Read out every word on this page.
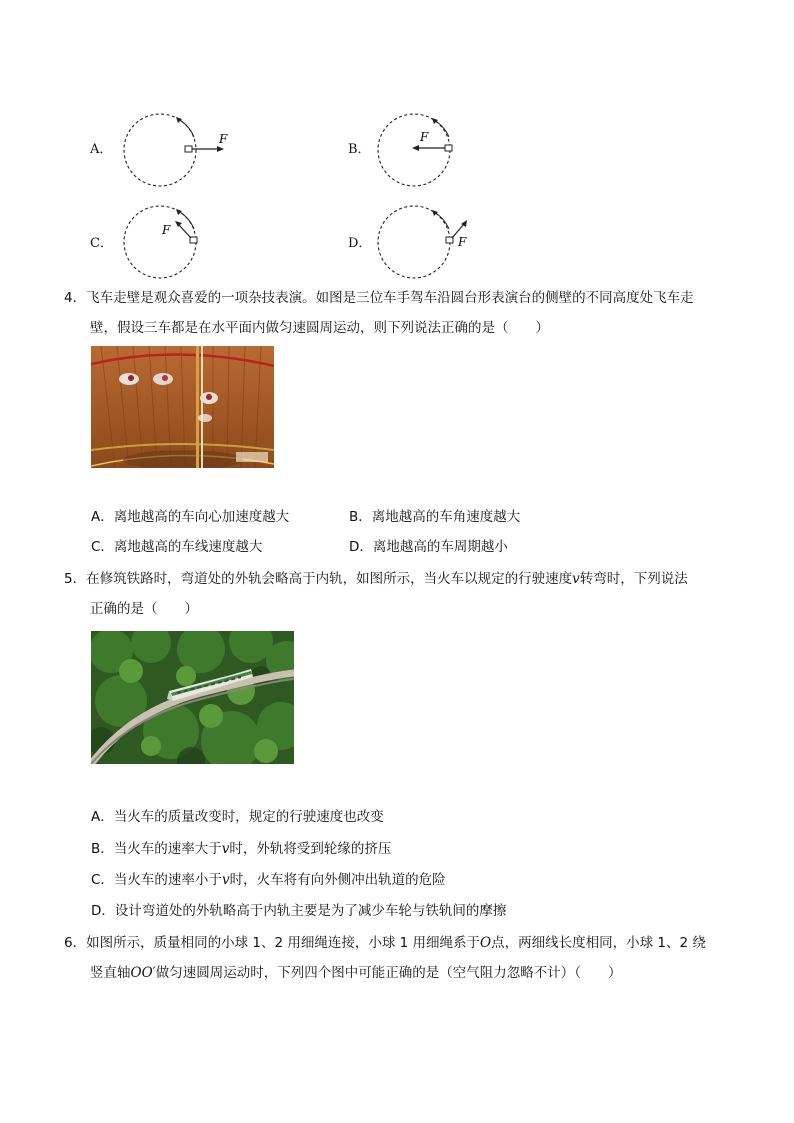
A．
F
B．
F
C．
F
D．	F
4．飞车走壁是观众喜爱的一项杂技表演。如图是三位车手驾车沿圆台形表演台的侧壁的不同高度处飞车走
壁，假设三车都是在水平面内做匀速圆周运动，则下列说法正确的是（　　）
A．离地越高的车向心加速度越大	B．离地越高的车角速度越大
C．离地越高的车线速度越大	D．离地越高的车周期越小
5．在修筑铁路时，弯道处的外轨会略高于内轨，如图所示，当火车以规定的行驶速度v转弯时，下列说法
正确的是（　　）
A．当火车的质量改变时，规定的行驶速度也改变
B．当火车的速率大于v时，外轨将受到轮缘的挤压
C．当火车的速率小于v时，火车将有向外侧冲出轨道的危险
D．设计弯道处的外轨略高于内轨主要是为了减少车轮与铁轨间的摩擦
6．如图所示，质量相同的小球 1、2 用细绳连接，小球 1 用细绳系于O点，两细线长度相同，小球 1、2 绕
竖直轴OO′做匀速圆周运动时，下列四个图中可能正确的是（空气阻力忽略不计）（　　）
